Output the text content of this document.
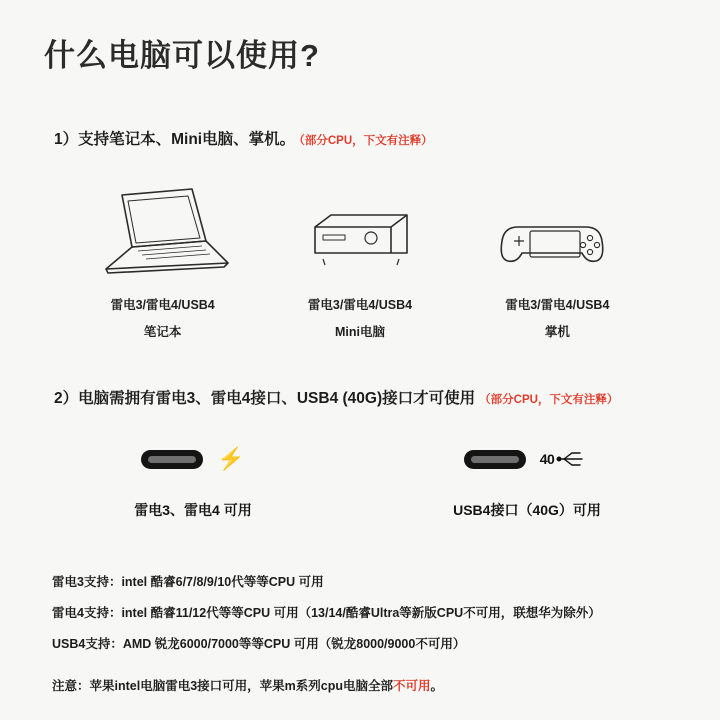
什么电脑可以使用?
1）支持笔记本、Mini电脑、掌机。 （部分CPU，下文有注释）
雷电3/雷电4/USB4
笔记本
雷电3/雷电4/USB4
Mini电脑
雷电3/雷电4/USB4
掌机
2）电脑需拥有雷电3、雷电4接口、USB4 (40G)接口才可使用 （部分CPU，下文有注释）
⚡
雷电3、雷电4 可用
40
USB4接口（40G）可用
雷电3支持：intel 酷睿6/7/8/9/10代等等CPU 可用
雷电4支持：intel 酷睿11/12代等等CPU 可用（13/14/酷睿Ultra等新版CPU不可用，联想华为除外）
USB4支持：AMD 锐龙6000/7000等等CPU 可用（锐龙8000/9000不可用）
注意：苹果intel电脑雷电3接口可用，苹果m系列cpu电脑全部不可用。
